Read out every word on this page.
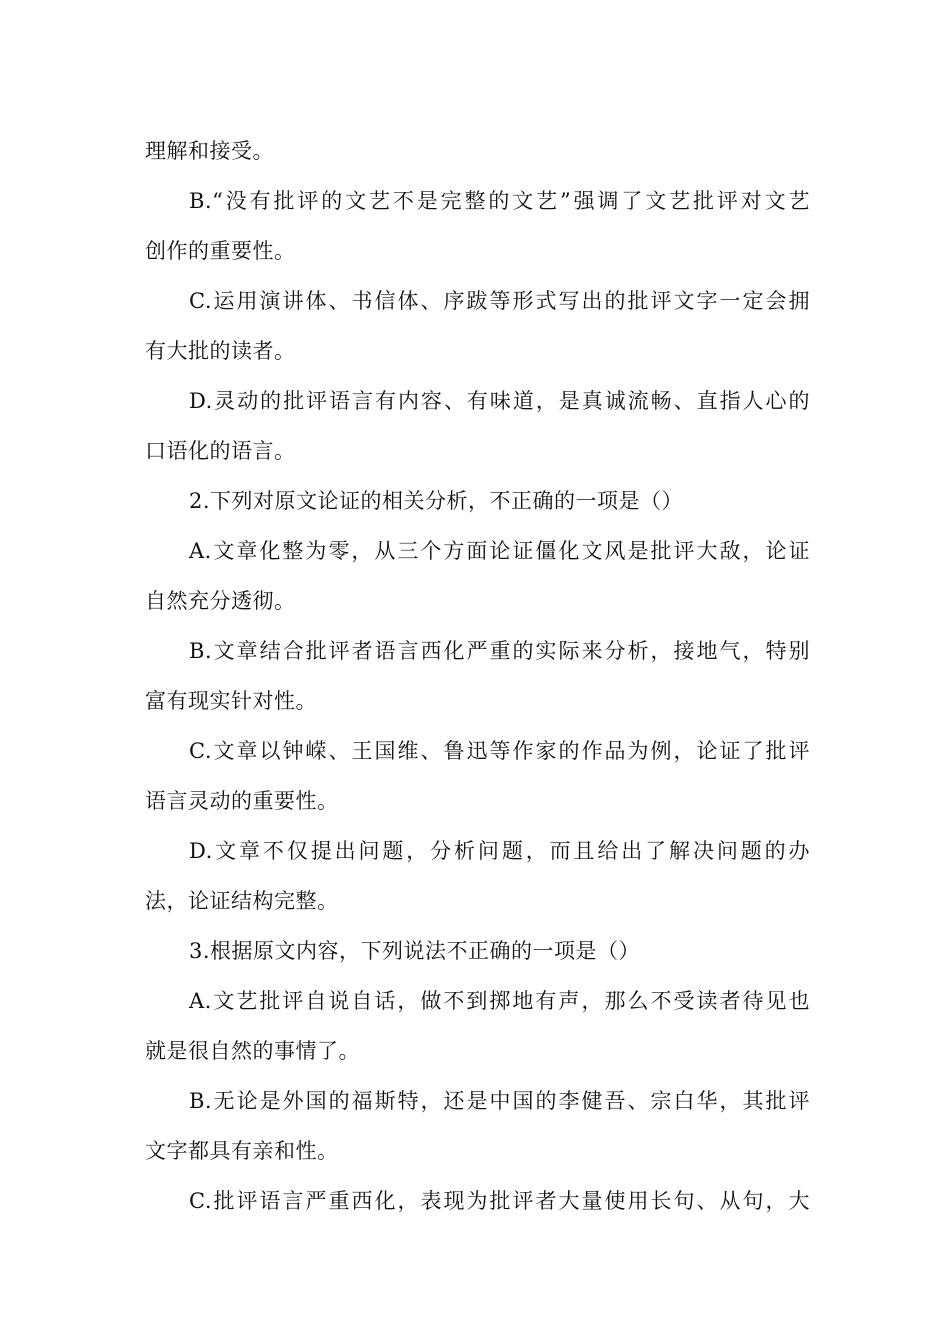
理解和接受。
B.“没有批评的文艺不是完整的文艺”强调了文艺批评对文艺
创作的重要性。
C.运用演讲体、书信体、序跋等形式写出的批评文字一定会拥
有大批的读者。
D.灵动的批评语言有内容、有味道，是真诚流畅、直指人心的
口语化的语言。
2.下列对原文论证的相关分析，不正确的一项是（）
A.文章化整为零，从三个方面论证僵化文风是批评大敌，论证
自然充分透彻。
B.文章结合批评者语言西化严重的实际来分析，接地气，特别
富有现实针对性。
C.文章以钟嵘、王国维、鲁迅等作家的作品为例，论证了批评
语言灵动的重要性。
D.文章不仅提出问题，分析问题，而且给出了解决问题的办
法，论证结构完整。
3.根据原文内容，下列说法不正确的一项是（）
A.文艺批评自说自话，做不到掷地有声，那么不受读者待见也
就是很自然的事情了。
B.无论是外国的福斯特，还是中国的李健吾、宗白华，其批评
文字都具有亲和性。
C.批评语言严重西化，表现为批评者大量使用长句、从句，大
